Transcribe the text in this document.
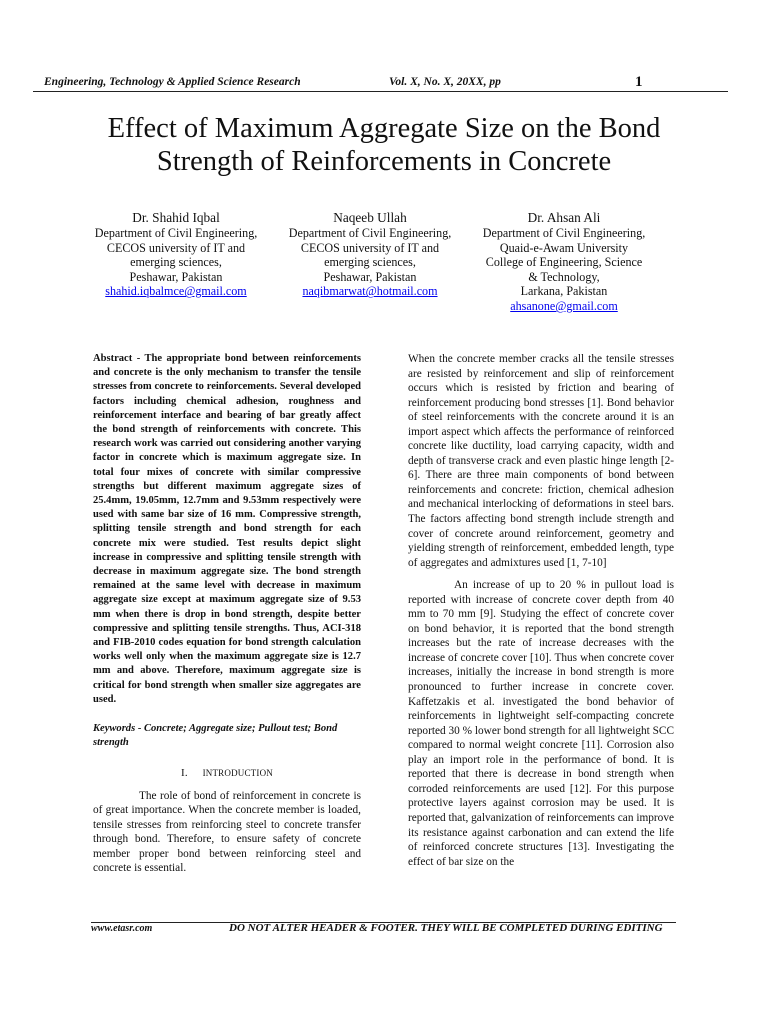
Engineering, Technology & Applied Science Research	Vol. X, No. X, 20XX, pp	1
Effect of Maximum Aggregate Size on the Bond Strength of Reinforcements in Concrete
Dr. Shahid Iqbal
Department of Civil Engineering,
CECOS university of IT and
emerging sciences,
Peshawar, Pakistan
shahid.iqbalmce@gmail.com
Naqeeb Ullah
Department of Civil Engineering,
CECOS university of IT and
emerging sciences,
Peshawar, Pakistan
naqibmarwat@hotmail.com
Dr. Ahsan Ali
Department of Civil Engineering,
Quaid-e-Awam University
College of Engineering, Science
& Technology,
Larkana, Pakistan
ahsanone@gmail.com

Abstract - The appropriate bond between reinforcements and concrete is the only mechanism to transfer the tensile stresses from concrete to reinforcements. Several developed factors including chemical adhesion, roughness and reinforcement interface and bearing of bar greatly affect the bond strength of reinforcements with concrete. This research work was carried out considering another varying factor in concrete which is maximum aggregate size. In total four mixes of concrete with similar compressive strengths but different maximum aggregate sizes of 25.4mm, 19.05mm, 12.7mm and 9.53mm respectively were used with same bar size of 16 mm. Compressive strength, splitting tensile strength and bond strength for each concrete mix were studied. Test results depict slight increase in compressive and splitting tensile strength with decrease in maximum aggregate size. The bond strength remained at the same level with decrease in maximum aggregate size except at maximum aggregate size of 9.53 mm when there is drop in bond strength, despite better compressive and splitting tensile strengths. Thus, ACI-318 and FIB-2010 codes equation for bond strength calculation works well only when the maximum aggregate size is 12.7 mm and above. Therefore, maximum aggregate size is critical for bond strength when smaller size aggregates are used.

Keywords - Concrete; Aggregate size; Pullout test; Bond strength

I. INTRODUCTION

The role of bond of reinforcement in concrete is of great importance. When the concrete member is loaded, tensile stresses from reinforcing steel to concrete transfer through bond. Therefore, to ensure safety of concrete member proper bond between reinforcing steel and concrete is essential.

When the concrete member cracks all the tensile stresses are resisted by reinforcement and slip of reinforcement occurs which is resisted by friction and bearing of reinforcement producing bond stresses [1]. Bond behavior of steel reinforcements with the concrete around it is an import aspect which affects the performance of reinforced concrete like ductility, load carrying capacity, width and depth of transverse crack and even plastic hinge length [2-6]. There are three main components of bond between reinforcements and concrete: friction, chemical adhesion and mechanical interlocking of deformations in steel bars. The factors affecting bond strength include strength and cover of concrete around reinforcement, geometry and yielding strength of reinforcement, embedded length, type of aggregates and admixtures used [1, 7-10]

An increase of up to 20 % in pullout load is reported with increase of concrete cover depth from 40 mm to 70 mm [9]. Studying the effect of concrete cover on bond behavior, it is reported that the bond strength increases but the rate of increase decreases with the increase of concrete cover [10]. Thus when concrete cover increases, initially the increase in bond strength is more pronounced to further increase in concrete cover. Kaffetzakis et al. investigated the bond behavior of reinforcements in lightweight self-compacting concrete reported 30 % lower bond strength for all lightweight SCC compared to normal weight concrete [11]. Corrosion also play an import role in the performance of bond. It is reported that there is decrease in bond strength when corroded reinforcements are used [12]. For this purpose protective layers against corrosion may be used. It is reported that, galvanization of reinforcements can improve its resistance against carbonation and can extend the life of reinforced concrete structures [13]. Investigating the effect of bar size on the

www.etasr.com	DO NOT ALTER HEADER & FOOTER. THEY WILL BE COMPLETED DURING EDITING
